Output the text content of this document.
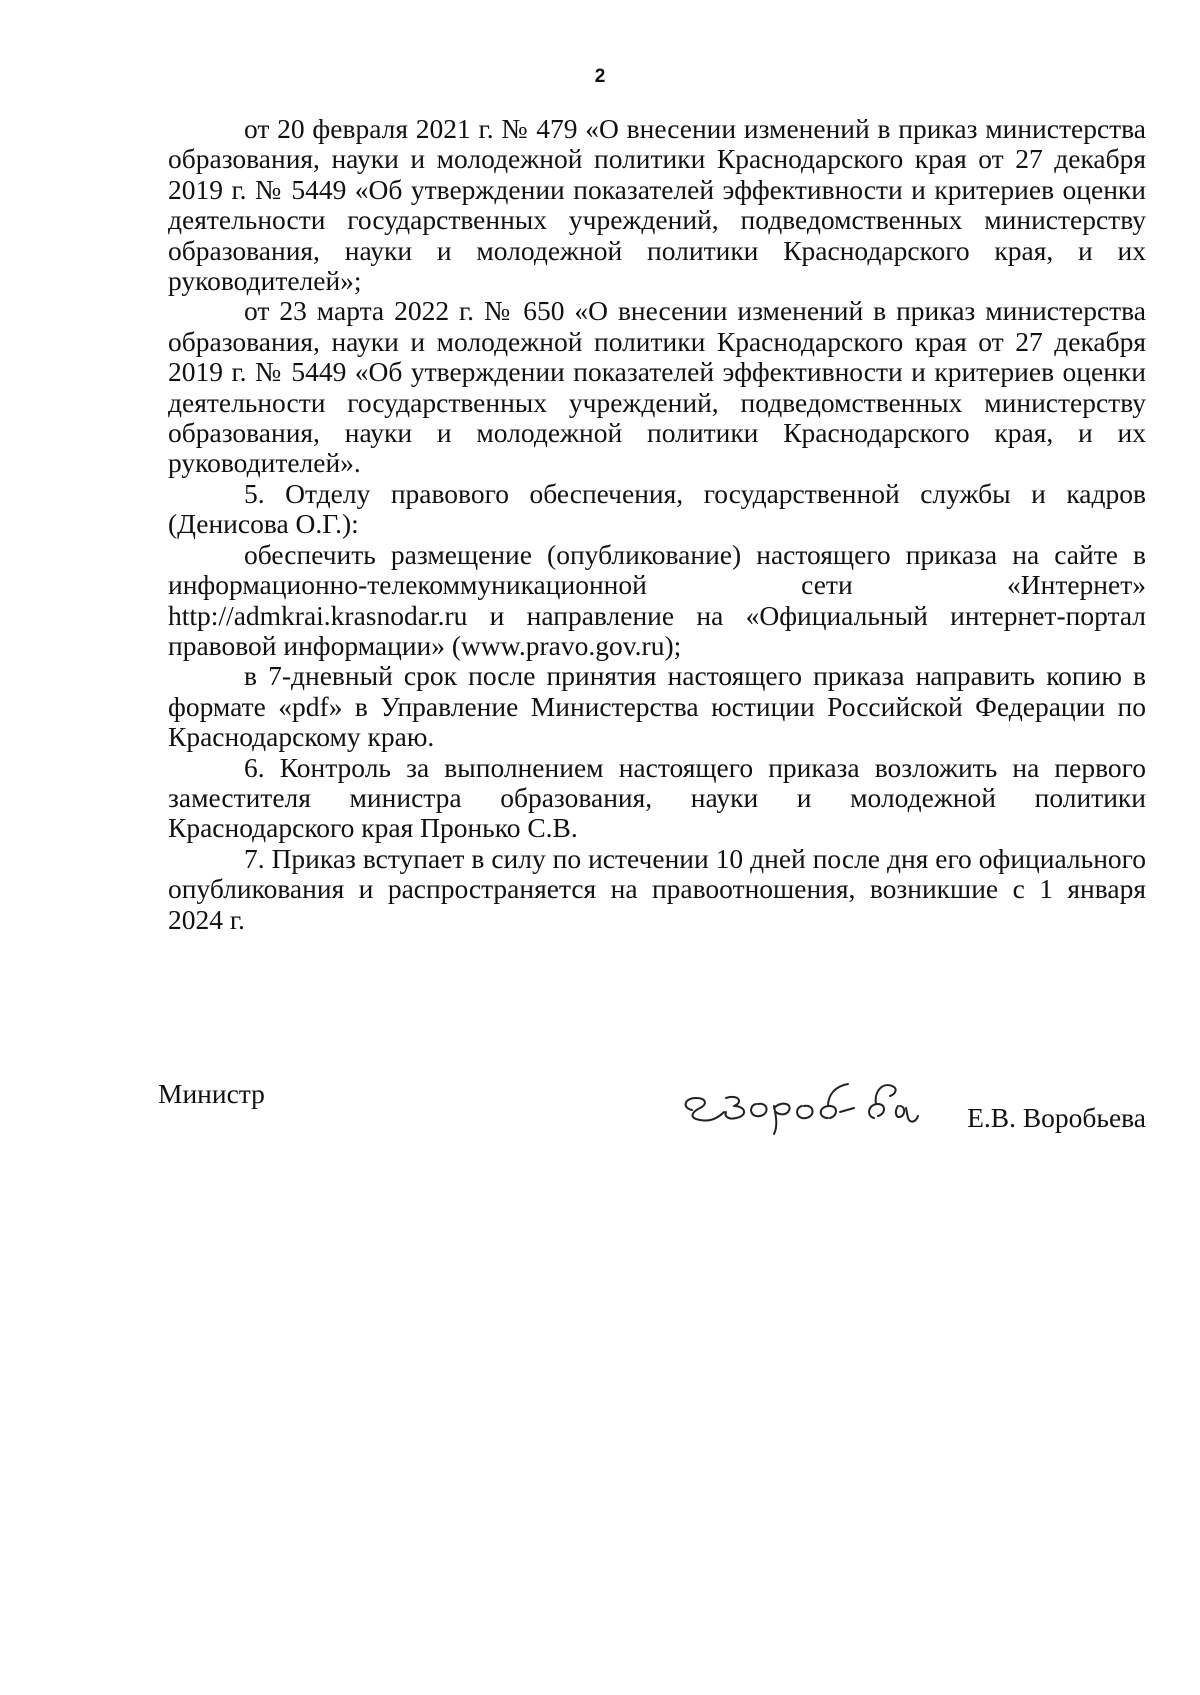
2

от 20 февраля 2021 г. № 479 «О внесении изменений в приказ министерства образования, науки и молодежной политики Краснодарского края от 27 декабря 2019 г. № 5449 «Об утверждении показателей эффективности и критериев оценки деятельности государственных учреждений, подведомственных министерству образования, науки и молодежной политики Краснодарского края, и их руководителей»;

от 23 марта 2022 г. № 650 «О внесении изменений в приказ министерства образования, науки и молодежной политики Краснодарского края от 27 декабря 2019 г. № 5449 «Об утверждении показателей эффективности и критериев оценки деятельности государственных учреждений, подведомственных министерству образования, науки и молодежной политики Краснодарского края, и их руководителей».

5. Отделу правового обеспечения, государственной службы и кадров (Денисова О.Г.):

обеспечить размещение (опубликование) настоящего приказа на сайте в информационно-телекоммуникационной сети «Интернет» http://admkrai.krasnodar.ru и направление на «Официальный интернет-портал правовой информации» (www.pravo.gov.ru);

в 7-дневный срок после принятия настоящего приказа направить копию в формате «pdf» в Управление Министерства юстиции Российской Федерации по Краснодарскому краю.

6. Контроль за выполнением настоящего приказа возложить на первого заместителя министра образования, науки и молодежной политики Краснодарского края Пронько С.В.

7. Приказ вступает в силу по истечении 10 дней после дня его официального опубликования и распространяется на правоотношения, возникшие с 1 января 2024 г.

Министр
Е.В. Воробьева
